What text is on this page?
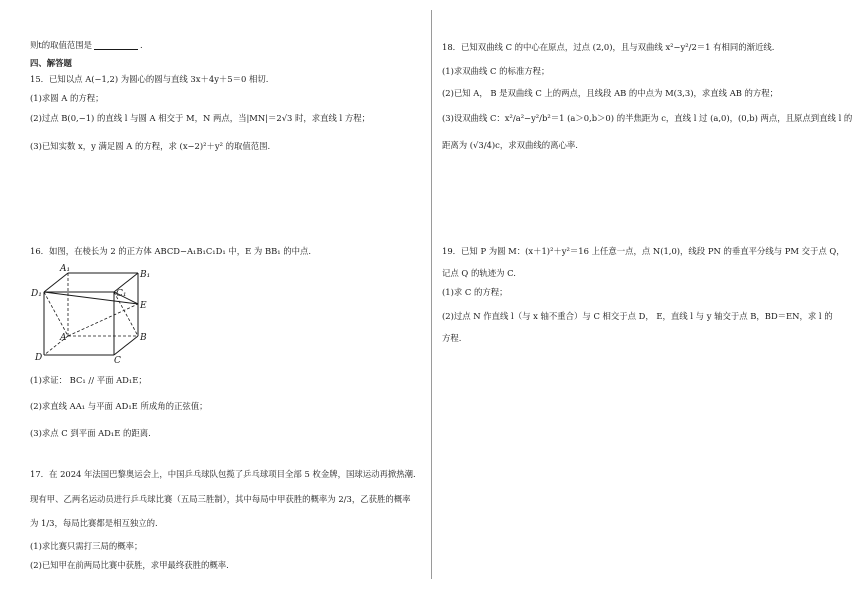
则t的取值范围是	.
四、解答题
15．已知以点 A(−1,2) 为圆心的圆与直线 3x＋4y＋5＝0 相切.
(1)求圆 A 的方程；
(2)过点 B(0,−1) 的直线 l 与圆 A 相交于 M，N 两点，当|MN|＝2√3 时，求直线 l 方程；
(3)已知实数 x，y 满足圆 A 的方程，求 (x−2)²＋y² 的取值范围.
16．如图，在棱长为 2 的正方体 ABCD−A₁B₁C₁D₁ 中，E 为 BB₁ 的中点.
(1)求证： BC₁ // 平面 AD₁E；
(2)求直线 AA₁ 与平面 AD₁E 所成角的正弦值；
(3)求点 C 到平面 AD₁E 的距离.
17．在 2024 年法国巴黎奥运会上，中国乒乓球队包揽了乒乓球项目全部 5 枚金牌，国球运动再掀热潮.
现有甲、乙两名运动员进行乒乓球比赛（五局三胜制），其中每局中甲获胜的概率为 2/3，乙获胜的概率
为 1/3，每局比赛都是相互独立的.
(1)求比赛只需打三局的概率；
(2)已知甲在前两局比赛中获胜，求甲最终获胜的概率.
A₁
B₁
C₁
D₁
E
A	B
C
D
18．已知双曲线 C 的中心在原点，过点 (2,0)，且与双曲线 x²−y²/2＝1 有相同的渐近线.
(1)求双曲线 C 的标准方程；
(2)已知 A， B 是双曲线 C 上的两点，且线段 AB 的中点为 M(3,3)，求直线 AB 的方程；
(3)设双曲线 C：x²/a²−y²/b²＝1 (a＞0,b＞0) 的半焦距为 c，直线 l 过 (a,0)，(0,b) 两点，且原点到直线 l 的
距离为 (√3/4)c，求双曲线的离心率.
19．已知 P 为圆 M：(x＋1)²＋y²＝16 上任意一点，点 N(1,0)，线段 PN 的垂直平分线与 PM 交于点 Q，
记点 Q 的轨迹为 C.
(1)求 C 的方程；
(2)过点 N 作直线 l（与 x 轴不重合）与 C 相交于点 D， E，直线 l 与 y 轴交于点 B，BD＝EN，求 l 的
方程.
